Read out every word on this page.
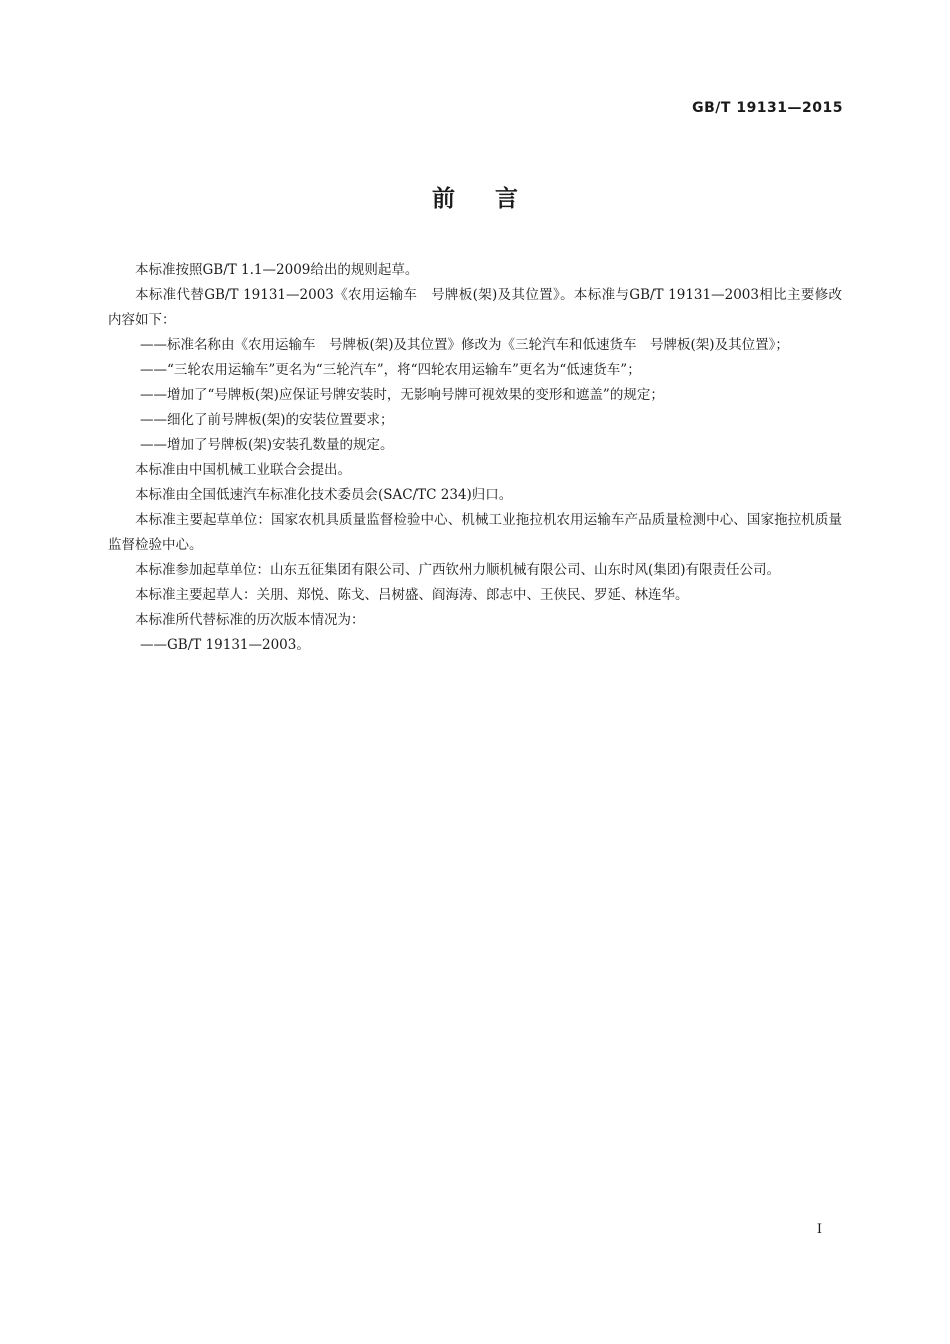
GB/T 19131—2015
前言

本标准按照GB/T 1.1—2009给出的规则起草。

本标准代替GB/T 19131—2003《农用运输车　号牌板(架)及其位置》。本标准与GB/T 19131—2003相比主要修改内容如下：

——标准名称由《农用运输车　号牌板(架)及其位置》修改为《三轮汽车和低速货车　号牌板(架)及其位置》；

——“三轮农用运输车”更名为“三轮汽车”，将“四轮农用运输车”更名为“低速货车”；

——增加了“号牌板(架)应保证号牌安装时，无影响号牌可视效果的变形和遮盖”的规定；

——细化了前号牌板(架)的安装位置要求；

——增加了号牌板(架)安装孔数量的规定。

本标准由中国机械工业联合会提出。

本标准由全国低速汽车标准化技术委员会(SAC/TC 234)归口。

本标准主要起草单位：国家农机具质量监督检验中心、机械工业拖拉机农用运输车产品质量检测中心、国家拖拉机质量监督检验中心。

本标准参加起草单位：山东五征集团有限公司、广西钦州力顺机械有限公司、山东时风(集团)有限责任公司。

本标准主要起草人：关朋、郑悦、陈戈、吕树盛、阎海涛、郎志中、王侠民、罗延、林连华。

本标准所代替标准的历次版本情况为：

——GB/T 19131—2003。

I
